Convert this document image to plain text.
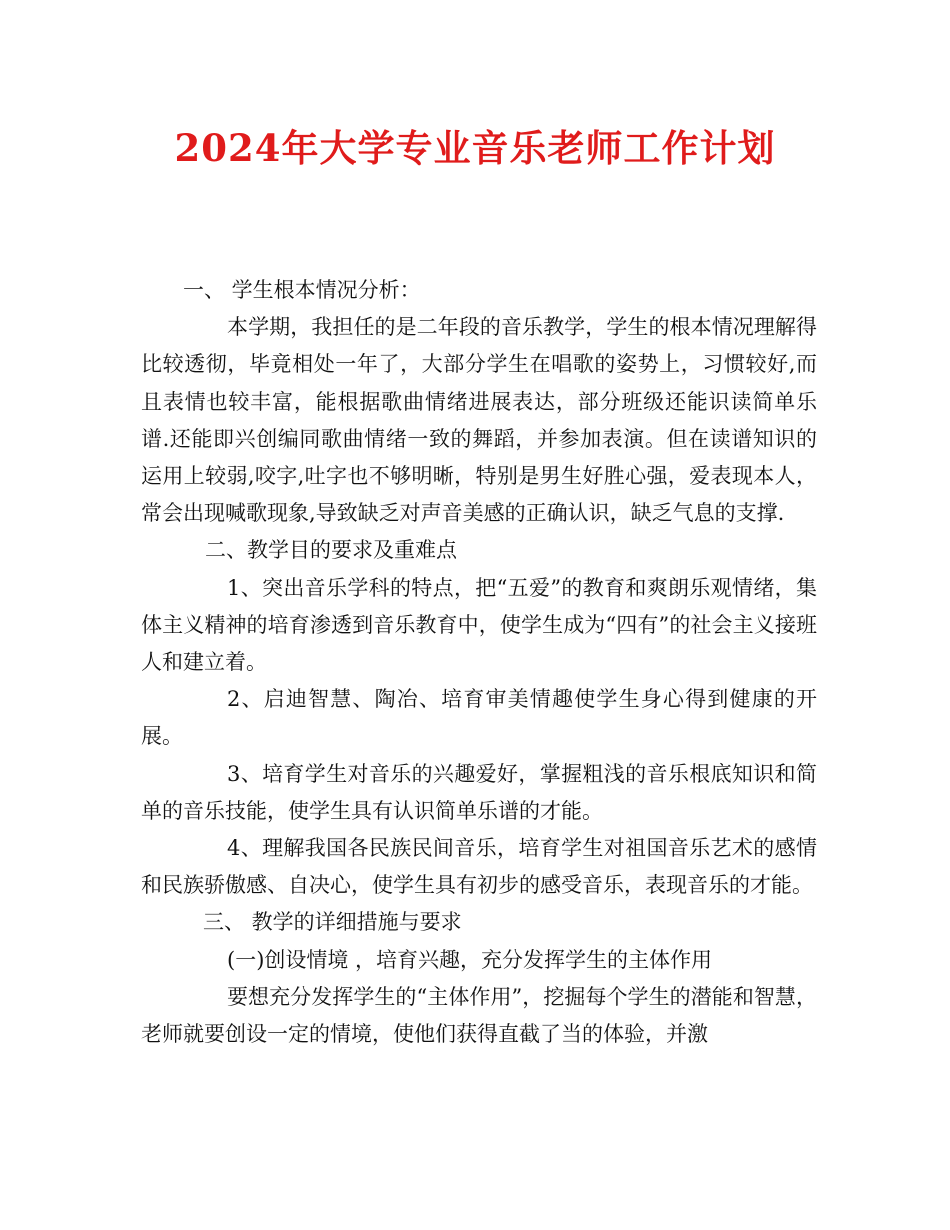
2024年大学专业音乐老师工作计划

一、 学生根本情况分析：

本学期，我担任的是二年段的音乐教学，学生的根本情况理解得比较透彻，毕竟相处一年了，大部分学生在唱歌的姿势上，习惯较好,而且表情也较丰富，能根据歌曲情绪进展表达，部分班级还能识读简单乐谱.还能即兴创编同歌曲情绪一致的舞蹈，并参加表演。但在读谱知识的运用上较弱,咬字,吐字也不够明晰，特别是男生好胜心强，爱表现本人，常会出现喊歌现象,导致缺乏对声音美感的正确认识，缺乏气息的支撑.

二、教学目的要求及重难点

1、突出音乐学科的特点，把“五爱”的教育和爽朗乐观情绪，集体主义精神的培育渗透到音乐教育中，使学生成为“四有”的社会主义接班人和建立着。

2、启迪智慧、陶冶、培育审美情趣使学生身心得到健康的开展。

3、培育学生对音乐的兴趣爱好，掌握粗浅的音乐根底知识和简单的音乐技能，使学生具有认识简单乐谱的才能。

4、理解我国各民族民间音乐，培育学生对祖国音乐艺术的感情和民族骄傲感、自决心，使学生具有初步的感受音乐，表现音乐的才能。

三、 教学的详细措施与要求

(一)创设情境 ，培育兴趣，充分发挥学生的主体作用

要想充分发挥学生的“主体作用”，挖掘每个学生的潜能和智慧，老师就要创设一定的情境，使他们获得直截了当的体验，并激
